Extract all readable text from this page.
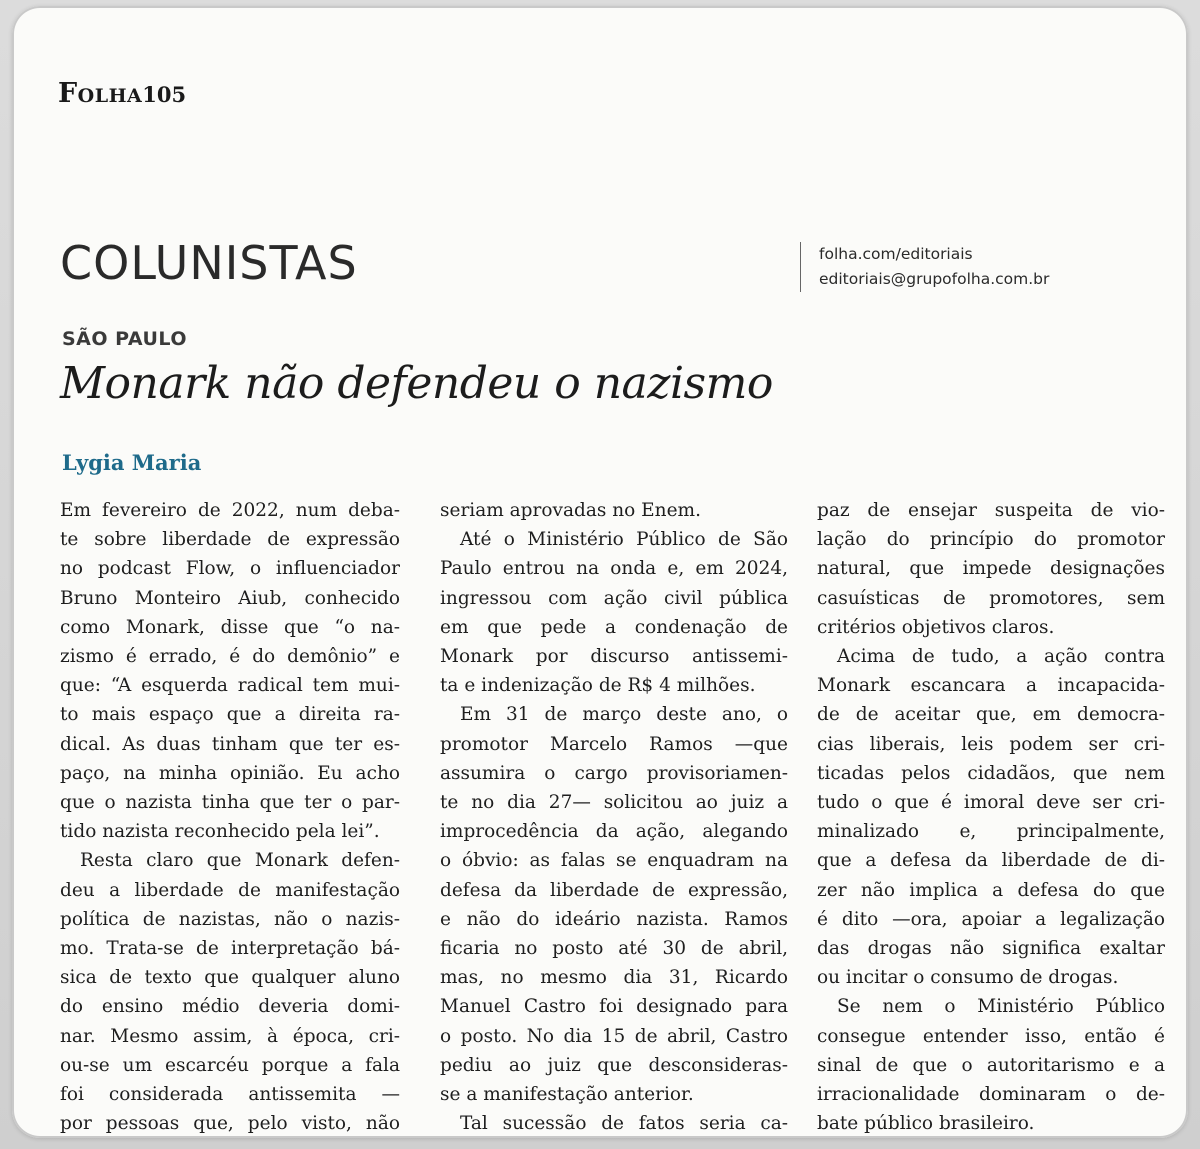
Folha105
COLUNISTAS	folha.com/editoriais
editoriais@grupofolha.com.br
SÃO PAULO
Monark não defendeu o nazismo
Lygia Maria
Em fevereiro de 2022, num deba-
te sobre liberdade de expressão
no podcast Flow, o influenciador
Bruno Monteiro Aiub, conhecido
como Monark, disse que “o na-
zismo é errado, é do demônio” e
que: “A esquerda radical tem mui-
to mais espaço que a direita ra-
dical. As duas tinham que ter es-
paço, na minha opinião. Eu acho
que o nazista tinha que ter o par-
tido nazista reconhecido pela lei”.
Resta claro que Monark defen-
deu a liberdade de manifestação
política de nazistas, não o nazis-
mo. Trata-se de interpretação bá-
sica de texto que qualquer aluno
do ensino médio deveria domi-
nar. Mesmo assim, à época, cri-
ou-se um escarcéu porque a fala
foi considerada antissemita —
por pessoas que, pelo visto, não
seriam aprovadas no Enem.
Até o Ministério Público de São
Paulo entrou na onda e, em 2024,
ingressou com ação civil pública
em que pede a condenação de
Monark por discurso antissemi-
ta e indenização de R$ 4 milhões.
Em 31 de março deste ano, o
promotor Marcelo Ramos —que
assumira o cargo provisoriamen-
te no dia 27— solicitou ao juiz a
improcedência da ação, alegando
o óbvio: as falas se enquadram na
defesa da liberdade de expressão,
e não do ideário nazista. Ramos
ficaria no posto até 30 de abril,
mas, no mesmo dia 31, Ricardo
Manuel Castro foi designado para
o posto. No dia 15 de abril, Castro
pediu ao juiz que desconsideras-
se a manifestação anterior.
Tal sucessão de fatos seria ca-
paz de ensejar suspeita de vio-
lação do princípio do promotor
natural, que impede designações
casuísticas de promotores, sem
critérios objetivos claros.
Acima de tudo, a ação contra
Monark escancara a incapacida-
de de aceitar que, em democra-
cias liberais, leis podem ser cri-
ticadas pelos cidadãos, que nem
tudo o que é imoral deve ser cri-
minalizado e, principalmente,
que a defesa da liberdade de di-
zer não implica a defesa do que
é dito —ora, apoiar a legalização
das drogas não significa exaltar
ou incitar o consumo de drogas.
Se nem o Ministério Público
consegue entender isso, então é
sinal de que o autoritarismo e a
irracionalidade dominaram o de-
bate público brasileiro.
